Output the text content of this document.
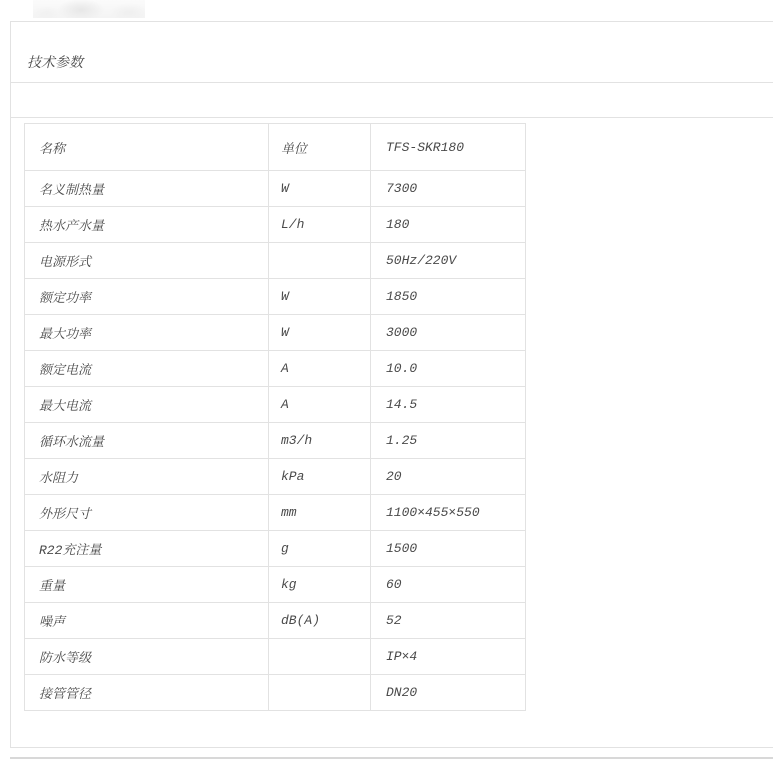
技术参数
名称	单位	TFS-SKR180
名义制热量	W	7300
热水产水量	L/h	180
电源形式		50Hz/220V
额定功率	W	1850
最大功率	W	3000
额定电流	A	10.0
最大电流	A	14.5
循环水流量	m3/h	1.25
水阻力	kPa	20
外形尺寸	mm	1100×455×550
R22充注量	g	1500
重量	kg	60
噪声	dB(A)	52
防水等级		IP×4
接管管径		DN20
